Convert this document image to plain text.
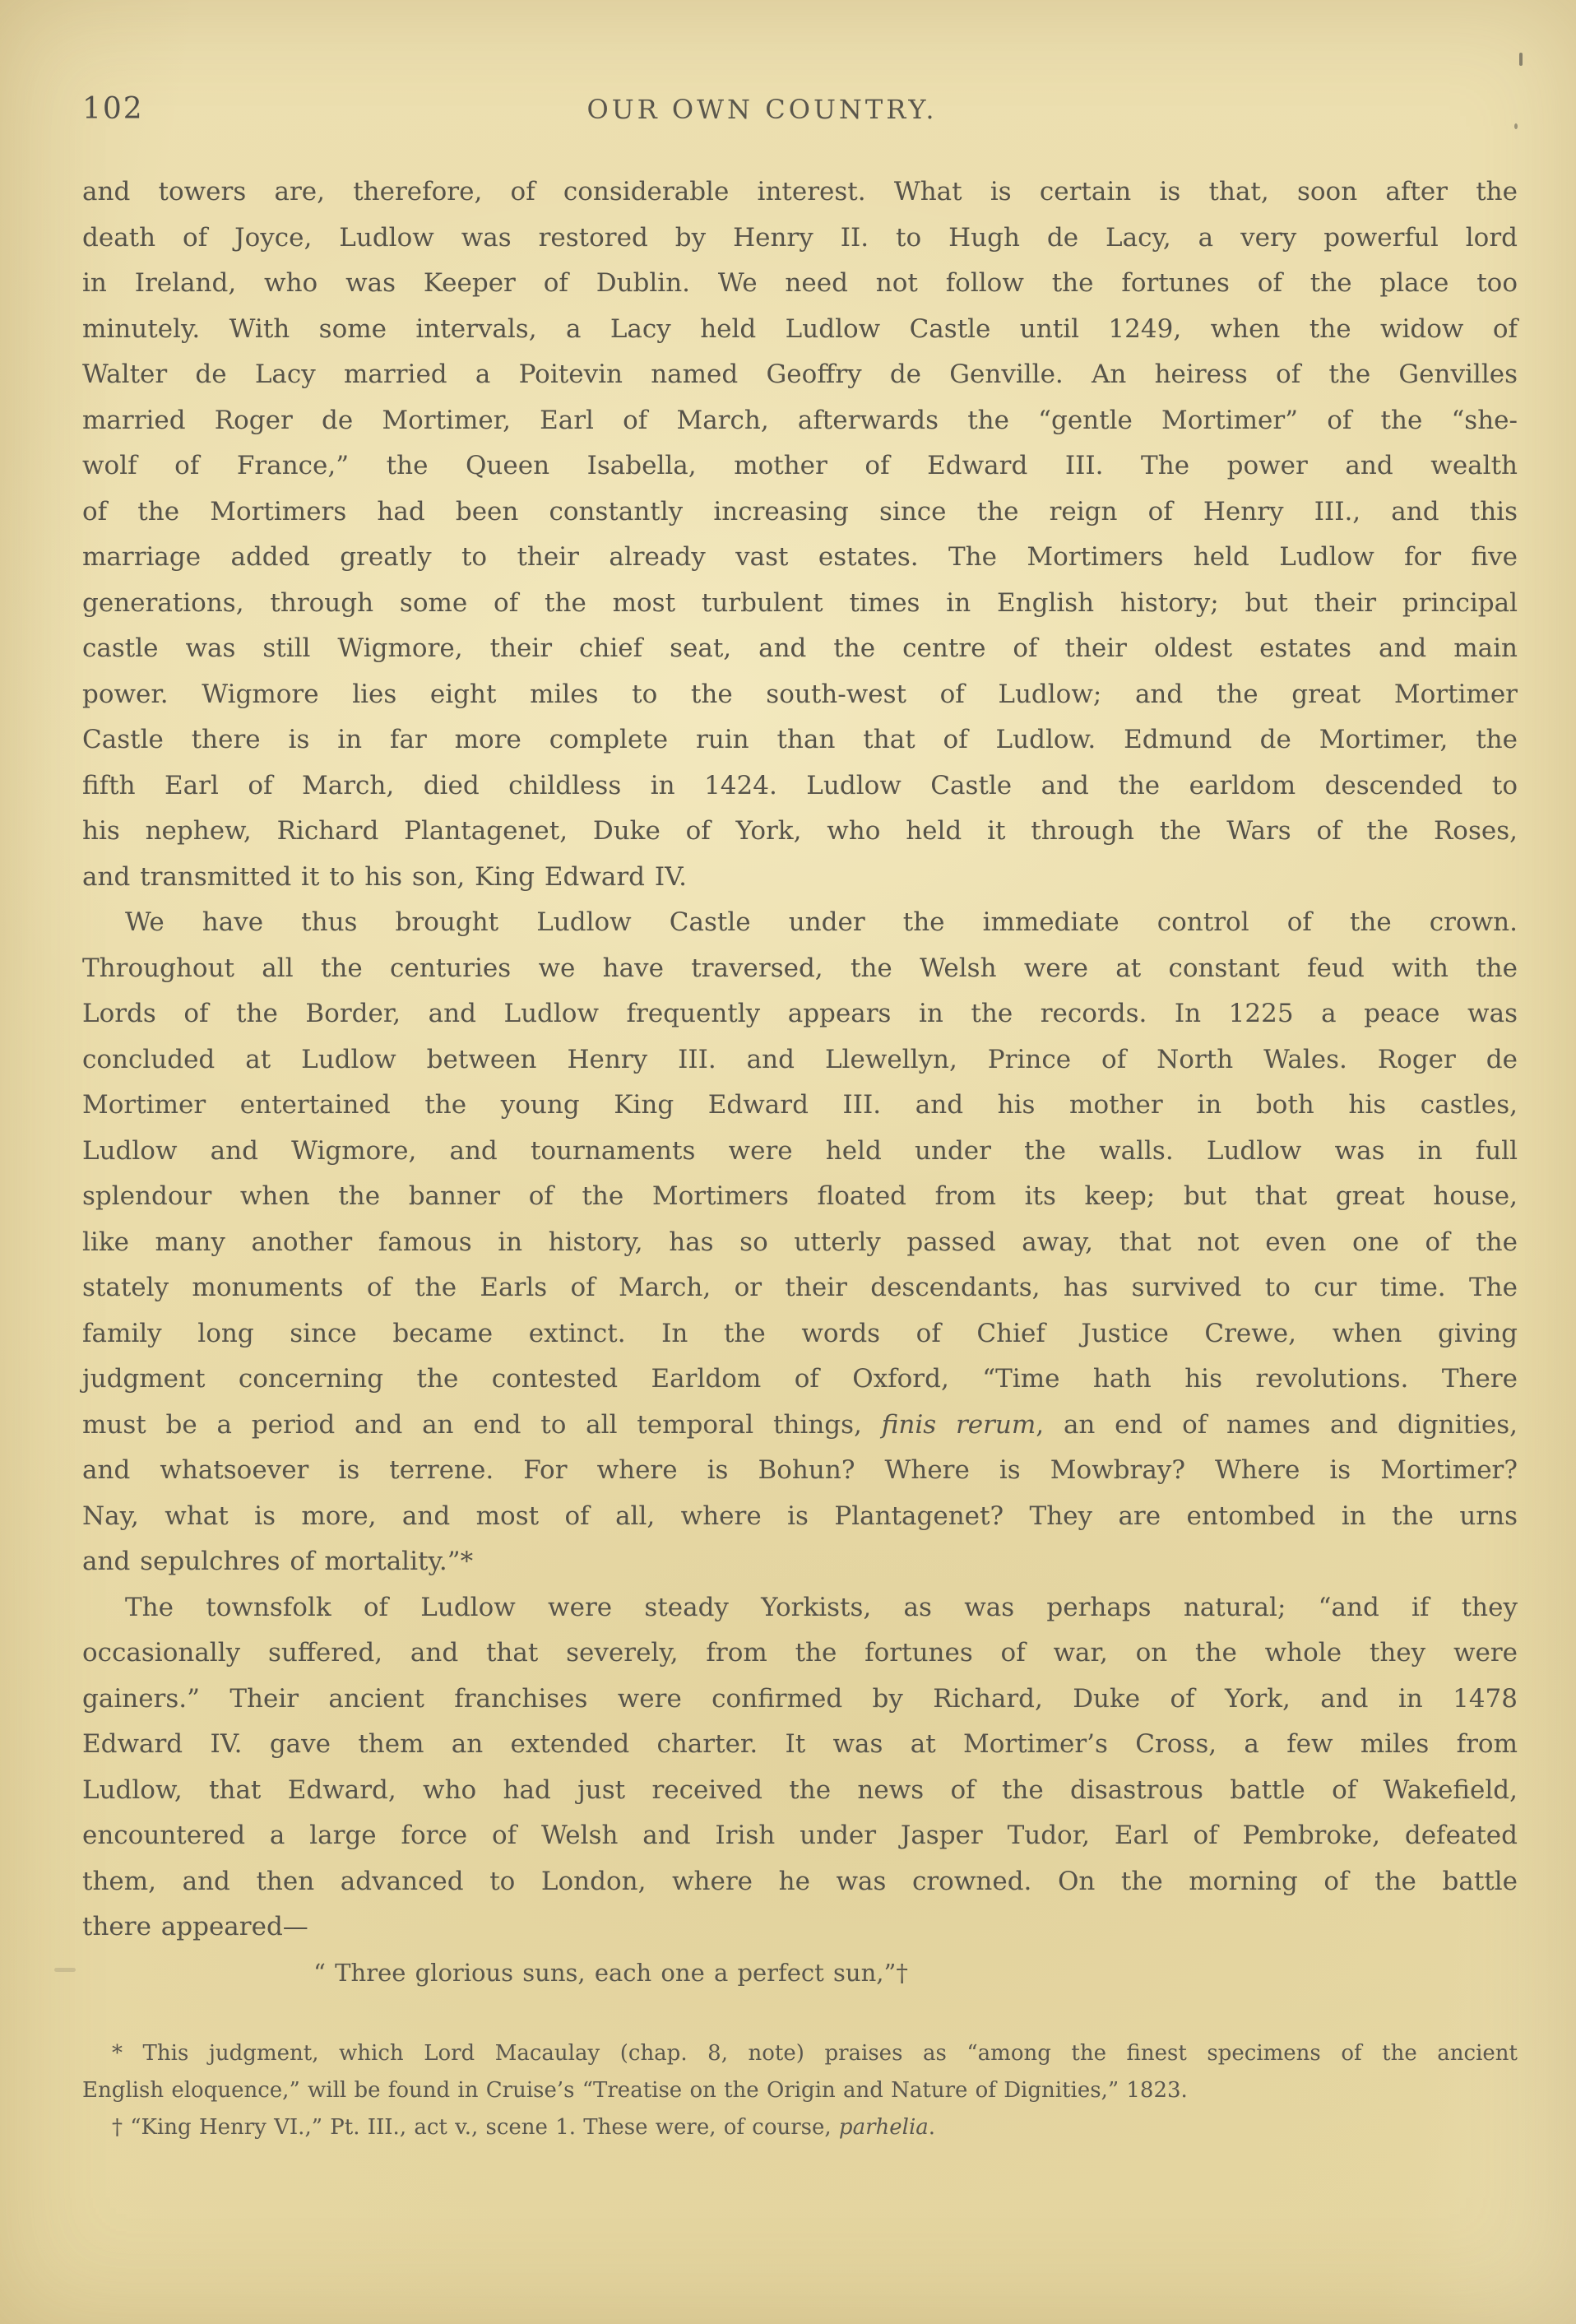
102	OUR OWN COUNTRY.
and towers are, therefore, of considerable interest. What is certain is that, soon after the
death of Joyce, Ludlow was restored by Henry II. to Hugh de Lacy, a very powerful lord
in Ireland, who was Keeper of Dublin. We need not follow the fortunes of the place too
minutely. With some intervals, a Lacy held Ludlow Castle until 1249, when the widow of
Walter de Lacy married a Poitevin named Geoffry de Genville. An heiress of the Genvilles
married Roger de Mortimer, Earl of March, afterwards the “gentle Mortimer” of the “she-
wolf of France,” the Queen Isabella, mother of Edward III. The power and wealth
of the Mortimers had been constantly increasing since the reign of Henry III., and this
marriage added greatly to their already vast estates. The Mortimers held Ludlow for five
generations, through some of the most turbulent times in English history; but their principal
castle was still Wigmore, their chief seat, and the centre of their oldest estates and main
power. Wigmore lies eight miles to the south-west of Ludlow; and the great Mortimer
Castle there is in far more complete ruin than that of Ludlow. Edmund de Mortimer, the
fifth Earl of March, died childless in 1424. Ludlow Castle and the earldom descended to
his nephew, Richard Plantagenet, Duke of York, who held it through the Wars of the Roses,
and transmitted it to his son, King Edward IV.
We have thus brought Ludlow Castle under the immediate control of the crown.
Throughout all the centuries we have traversed, the Welsh were at constant feud with the
Lords of the Border, and Ludlow frequently appears in the records. In 1225 a peace was
concluded at Ludlow between Henry III. and Llewellyn, Prince of North Wales. Roger de
Mortimer entertained the young King Edward III. and his mother in both his castles,
Ludlow and Wigmore, and tournaments were held under the walls. Ludlow was in full
splendour when the banner of the Mortimers floated from its keep; but that great house,
like many another famous in history, has so utterly passed away, that not even one of the
stately monuments of the Earls of March, or their descendants, has survived to cur time. The
family long since became extinct. In the words of Chief Justice Crewe, when giving
judgment concerning the contested Earldom of Oxford, “Time hath his revolutions. There
must be a period and an end to all temporal things, finis rerum, an end of names and dignities,
and whatsoever is terrene. For where is Bohun? Where is Mowbray? Where is Mortimer?
Nay, what is more, and most of all, where is Plantagenet? They are entombed in the urns
and sepulchres of mortality.”*
The townsfolk of Ludlow were steady Yorkists, as was perhaps natural; “and if they
occasionally suffered, and that severely, from the fortunes of war, on the whole they were
gainers.” Their ancient franchises were confirmed by Richard, Duke of York, and in 1478
Edward IV. gave them an extended charter. It was at Mortimer’s Cross, a few miles from
Ludlow, that Edward, who had just received the news of the disastrous battle of Wakefield,
encountered a large force of Welsh and Irish under Jasper Tudor, Earl of Pembroke, defeated
them, and then advanced to London, where he was crowned. On the morning of the battle
there appeared—
“ Three glorious suns, each one a perfect sun,”†
* This judgment, which Lord Macaulay (chap. 8, note) praises as “among the finest specimens of the ancient
English eloquence,” will be found in Cruise’s “Treatise on the Origin and Nature of Dignities,” 1823.
† “King Henry VI.,” Pt. III., act v., scene 1. These were, of course, parhelia.
